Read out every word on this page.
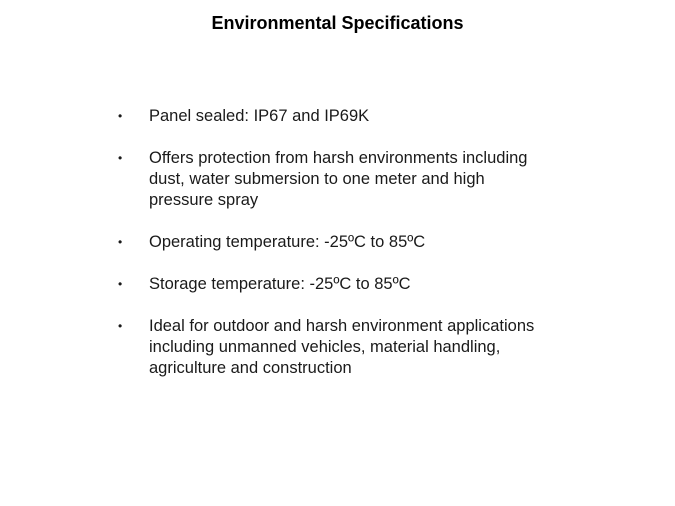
Environmental Specifications
•	Panel sealed: IP67 and IP69K
•	Offers protection from harsh environments including dust, water submersion to one meter and high pressure spray
•	Operating temperature: -25ºC to 85ºC
•	Storage temperature: -25ºC to 85ºC
•	Ideal for outdoor and harsh environment applications including unmanned vehicles, material handling, agriculture and construction
